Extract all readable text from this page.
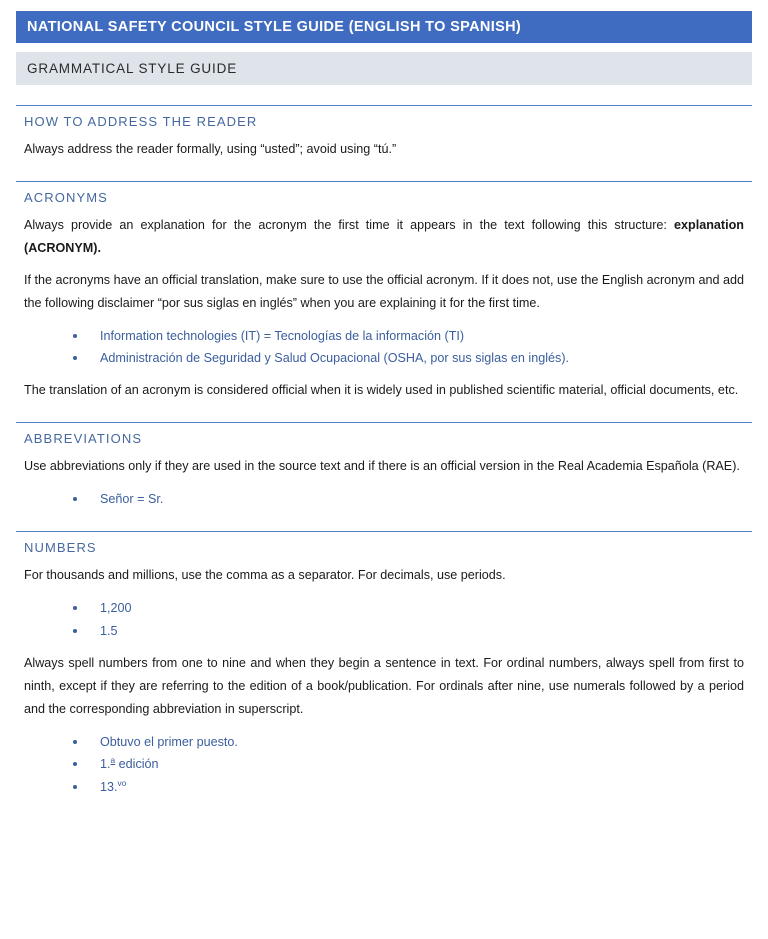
NATIONAL SAFETY COUNCIL STYLE GUIDE (ENGLISH TO SPANISH)
GRAMMATICAL STYLE GUIDE
HOW TO ADDRESS THE READER

Always address the reader formally, using “usted”; avoid using “tú.”

ACRONYMS

Always provide an explanation for the acronym the first time it appears in the text following this structure: explanation (ACRONYM).

If the acronyms have an official translation, make sure to use the official acronym. If it does not, use the English acronym and add the following disclaimer “por sus siglas en inglés” when you are explaining it for the first time.

Information technologies (IT) = Tecnologías de la información (TI)
Administración de Seguridad y Salud Ocupacional (OSHA, por sus siglas en inglés).

The translation of an acronym is considered official when it is widely used in published scientific material, official documents, etc.

ABBREVIATIONS

Use abbreviations only if they are used in the source text and if there is an official version in the Real Academia Española (RAE).

Señor = Sr.
NUMBERS

For thousands and millions, use the comma as a separator. For decimals, use periods.

1,200
1.5

Always spell numbers from one to nine and when they begin a sentence in text. For ordinal numbers, always spell from first to ninth, except if they are referring to the edition of a book/publication. For ordinals after nine, use numerals followed by a period and the corresponding abbreviation in superscript.

Obtuvo el primer puesto.
1.$^a$ edición
13.$^{vo}$
